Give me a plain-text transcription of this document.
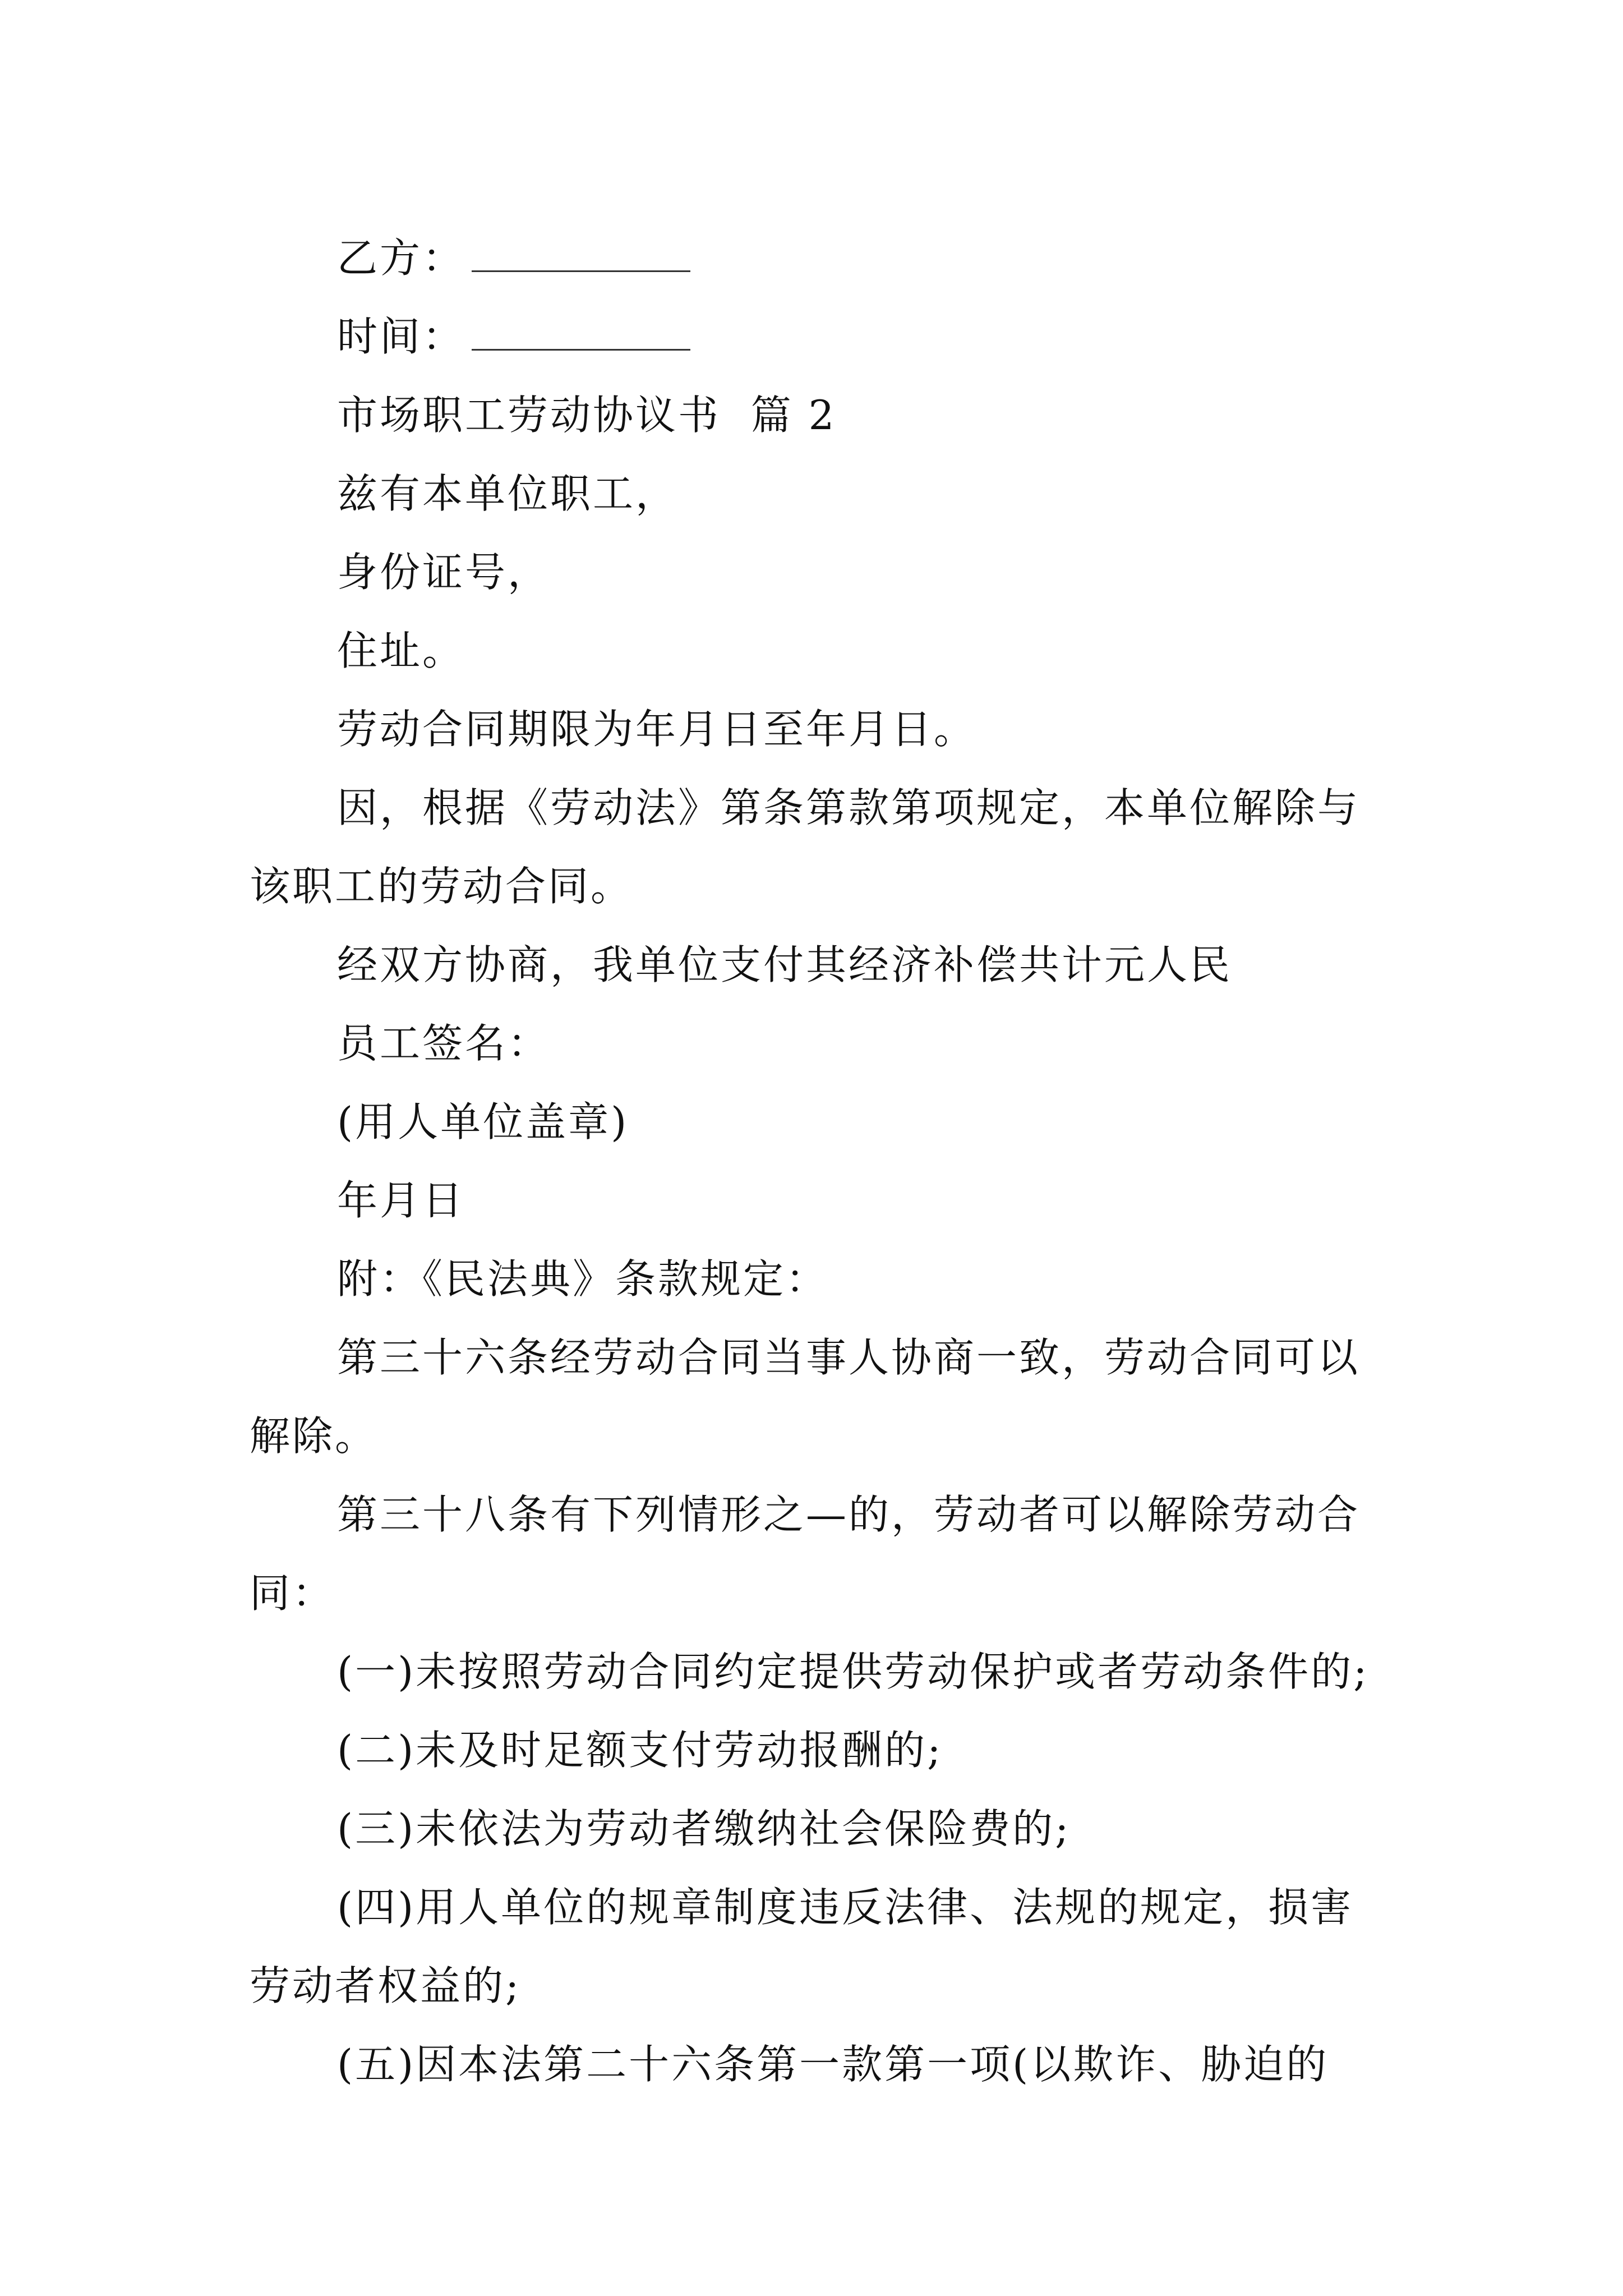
乙方：

时间：

市场职工劳动协议书  篇 2

兹有本单位职工，

身份证号，

住址。

劳动合同期限为年月日至年月日。

因，根据《劳动法》第条第款第项规定，本单位解除与该职工的劳动合同。

经双方协商，我单位支付其经济补偿共计元人民

员工签名：

(用人单位盖章)

年月日

附：《民法典》条款规定：

第三十六条经劳动合同当事人协商一致，劳动合同可以解除。

第三十八条有下列情形之—的，劳动者可以解除劳动合同：

(一)未按照劳动合同约定提供劳动保护或者劳动条件的;

(二)未及时足额支付劳动报酬的;

(三)未依法为劳动者缴纳社会保险费的;

(四)用人单位的规章制度违反法律、法规的规定，损害劳动者权益的;

(五)因本法第二十六条第一款第一项(以欺诈、胁迫的
